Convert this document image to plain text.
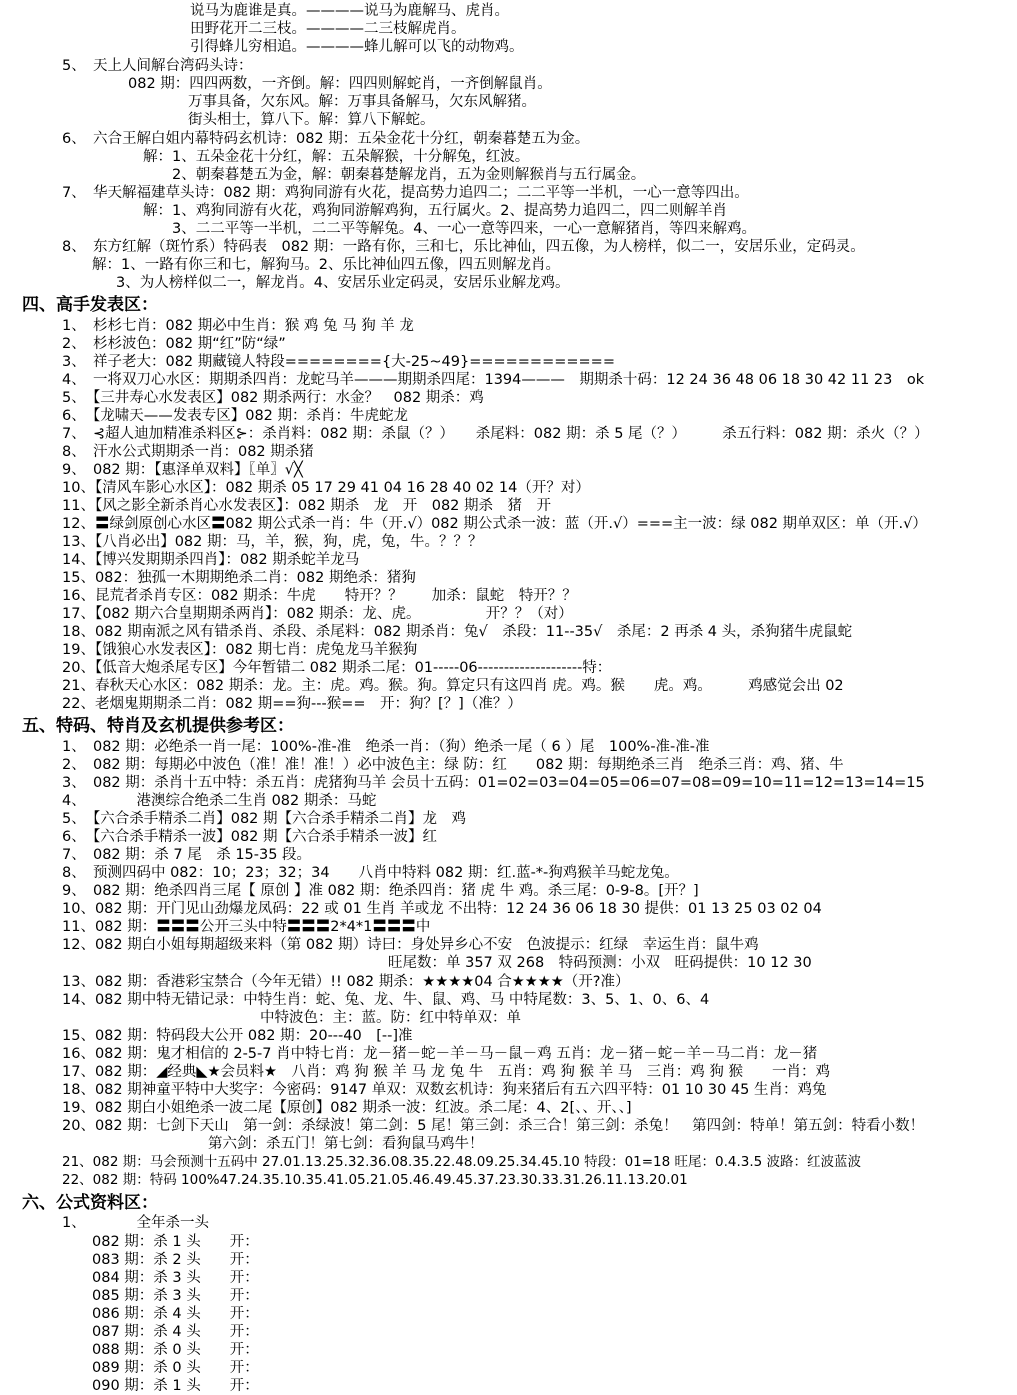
说马为鹿谁是真。————说马为鹿解马、虎肖。
田野花开二三枝。————二三枝解虎肖。
引得蜂儿穷相追。————蜂儿解可以飞的动物鸡。
5、　天上人间解台湾码头诗：
082 期：四四两数，一齐倒。解：四四则解蛇肖，一齐倒解鼠肖。
万事具备，欠东风。解：万事具备解马，欠东风解猪。
街头相士，算八下。解：算八下解蛇。
6、　六合王解白姐内幕特码玄机诗：082 期：五朵金花十分红，朝秦暮楚五为金。
解：1、五朵金花十分红，解：五朵解猴，十分解兔，红波。
2、朝秦暮楚五为金，解：朝秦暮楚解龙肖，五为金则解猴肖与五行属金。
7、　华天解福建草头诗：082 期：鸡狗同游有火花，提高势力追四二；二二平等一半机，一心一意等四出。
解：1、鸡狗同游有火花，鸡狗同游解鸡狗，五行属火。2、提高势力追四二，四二则解羊肖
3、二二平等一半机，二二平等解兔。4、一心一意等四来，一心一意解猪肖，等四来解鸡。
8、　东方红解（斑竹系）特码表　082 期：一路有你，三和七，乐比神仙，四五像，为人榜样，似二一，安居乐业，定码灵。
解：1、一路有你三和七，解狗马。2、乐比神仙四五像，四五则解龙肖。
3、为人榜样似二一，解龙肖。4、安居乐业定码灵，安居乐业解龙鸡。
四、高手发表区：
1、　杉杉七肖：082 期必中生肖：猴 鸡 兔 马 狗 羊 龙
2、　杉杉波色：082 期“红”防“绿”
3、　祥子老大：082 期藏镜人特段========{大-25~49}============
4、　一将双刀心水区：期期杀四肖：龙蛇马羊———期期杀四尾：1394———　期期杀十码：12 24 36 48 06 18 30 42 11 23　ok
5、　【三井寿心水发表区】082 期杀两行：水金？　082 期杀：鸡
6、　【龙啸天——发表专区】082 期：杀肖：牛虎蛇龙
7、　⊰超人迪加精准杀料区⊱：杀肖料：082 期：杀鼠（？）　　杀尾料：082 期：杀 5 尾（？）　　　杀五行料：082 期：杀火（？）
8、　汗水公式期期杀一肖：082 期杀猪
9、　082 期：【惠泽单双料】〖单〗√╳
10、【清风车影心水区】：082 期杀 05 17 29 41 04 16 28 40 02 14（开？对）
11、【风之影全新杀肖心水发表区】：082 期杀　龙　开　082 期杀　猪　开
12、〓绿剑原创心水区〓082 期公式杀一肖：牛（开.√）082 期公式杀一波：蓝（开.√）===主一波：绿 082 期单双区：单（开.√）
13、【八肖必出】082 期：马，羊，猴，狗，虎，兔，牛。？？？
14、【博兴发期期杀四肖】：082 期杀蛇羊龙马
15、082：独孤一木期期绝杀二肖：082 期绝杀：猪狗
16、昆荒者杀肖专区：082 期杀：牛虎　　特开？？　　加杀：鼠蛇　特开？？
17、【082 期六合皇期期杀两肖】：082 期杀：龙、虎。　　　　　开？？（对）
18、082 期南派之风有错杀肖、杀段、杀尾料：082 期杀肖：兔√　杀段：11--35√　杀尾：2 再杀 4 头，杀狗猪牛虎鼠蛇
19、【饿狼心水发表区】：082 期七肖：虎兔龙马羊猴狗
20、【低音大炮杀尾专区】今年暂错二 082 期杀二尾：01-----06--------------------特：
21、春秋天心水区：082 期杀：龙。主：虎。鸡。猴。狗。算定只有这四肖 虎。鸡。猴　　虎。鸡。　　　鸡感觉会出 02
22、老烟鬼期期杀二肖：082 期==狗---猴==　开：狗？[？]（准？）
五、特码、特肖及玄机提供参考区：
1、　082 期：必绝杀一肖一尾：100%-准-准　绝杀一肖：（狗）绝杀一尾（ 6 ）尾　100%-准-准-准
2、　082 期：每期必中波色（准！准！准！）必中波色主：绿 防：红　　082 期：每期绝杀三肖　绝杀三肖：鸡、猪、牛
3、　082 期：杀肖十五中特：杀五肖：虎猪狗马羊 会员十五码：01=02=03=04=05=06=07=08=09=10=11=12=13=14=15
4、　　　　港澳综合绝杀二生肖 082 期杀：马蛇
5、　【六合杀手精杀二肖】082 期【六合杀手精杀二肖】龙　鸡
6、　【六合杀手精杀一波】082 期【六合杀手精杀一波】红
7、　082 期：杀 7 尾　杀 15-35 段。
8、　预测四码中 082：10；23；32；34　　八肖中特料 082 期：红.蓝-*-狗鸡猴羊马蛇龙兔。
9、　082 期：绝杀四肖三尾【 原创 】准 082 期：绝杀四肖：猪 虎 牛 鸡。杀三尾：0-9-8。[开？]
10、082 期：开门见山劲爆龙凤码：22 或 01 生肖 羊或龙 不出特：12 24 36 06 18 30 提供：01 13 25 03 02 04
11、082 期：〓〓〓公开三头中特〓〓〓2*4*1〓〓〓中
12、082 期白小姐每期超级来料（第 082 期）诗曰：身处异乡心不安　色波提示：红绿　幸运生肖：鼠牛鸡
旺尾数：单 357 双 268　特码预测：小双　旺码提供：10 12 30
13、082 期：香港彩宝禁合（今年无错）!! 082 期杀：★★★★04 合★★★★（开?准）
14、082 期中特无错记录：中特生肖：蛇、兔、龙、牛、鼠、鸡、马 中特尾数：3、5、1、0、6、4
中特波色：主：蓝。防：红中特单双：单
15、082 期：特码段大公开 082 期：20---40　[--]准
16、082 期：鬼才相信的 2-5-7 肖中特七肖：龙－猪－蛇－羊－马－鼠－鸡 五肖：龙－猪－蛇－羊－马二肖：龙－猪
17、082 期：◢经典◣★会员料★　八肖：鸡 狗 猴 羊 马 龙 兔 牛　五肖：鸡 狗 猴 羊 马　三肖：鸡 狗 猴　　一肖：鸡
18、082 期神童平特中大奖字：今密码：9147 单双：双数玄机诗：狗来猪后有五六四平特：01 10 30 45 生肖：鸡兔
19、082 期白小姐绝杀一波二尾【原创】082 期杀一波：红波。杀二尾：4、2[、、开、、]
20、082 期：七剑下天山　第一剑：杀绿波！第二剑：5 尾！第三剑：杀三合！第三剑：杀兔！　第四剑：特单！第五剑：特看小数！
第六剑：杀五门！第七剑：看狗鼠马鸡牛！
21、082 期：马会预测十五码中 27.01.13.25.32.36.08.35.22.48.09.25.34.45.10 特段：01=18 旺尾：0.4.3.5 波路：红波蓝波
22、082 期：特码 100%47.24.35.10.35.41.05.21.05.46.49.45.37.23.30.33.31.26.11.13.20.01
六、公式资料区：
1、　　　　全年杀一头
082 期：杀 1 头　　开：
083 期：杀 2 头　　开：
084 期：杀 3 头　　开：
085 期：杀 3 头　　开：
086 期：杀 4 头　　开：
087 期：杀 4 头　　开：
088 期：杀 0 头　　开：
089 期：杀 0 头　　开：
090 期：杀 1 头　　开：
